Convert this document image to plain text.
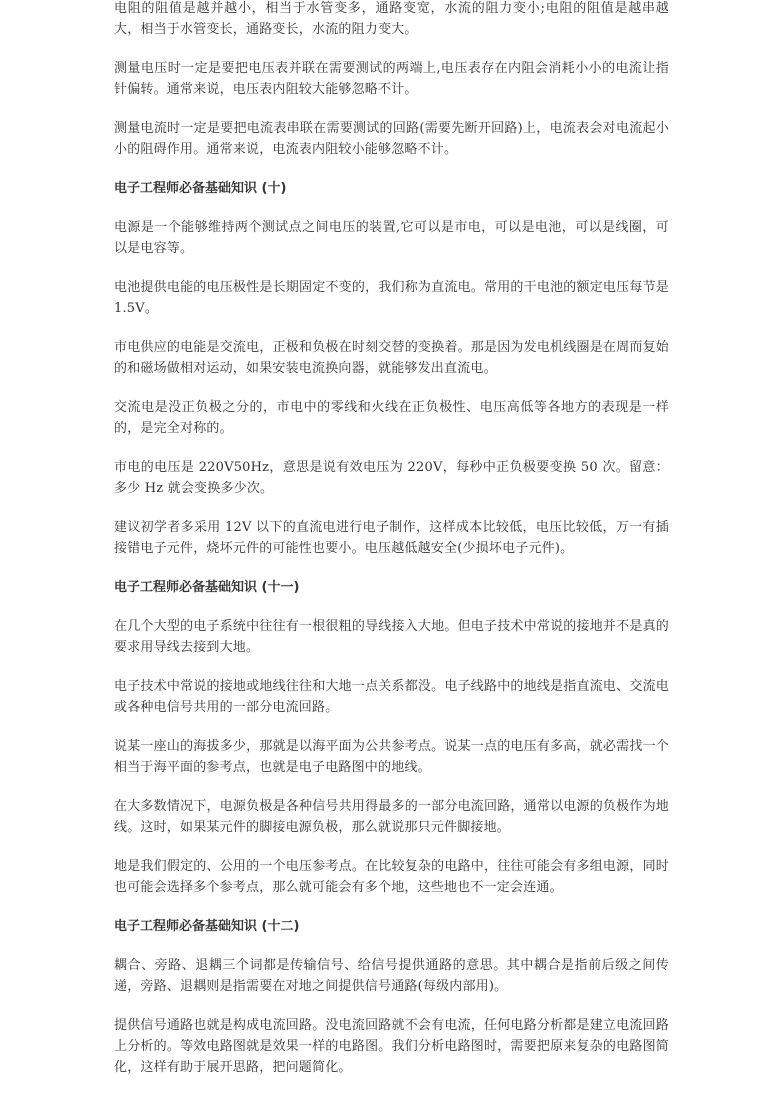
电阻的阻值是越并越小，相当于水管变多，通路变宽，水流的阻力变小;电阻的阻值是越串越大，相当于水管变长，通路变长，水流的阻力变大。

测量电压时一定是要把电压表并联在需要测试的两端上,电压表存在内阻会消耗小小的电流让指针偏转。通常来说，电压表内阻较大能够忽略不计。

测量电流时一定是要把电流表串联在需要测试的回路(需要先断开回路)上，电流表会对电流起小小的阻碍作用。通常来说，电流表内阻较小能够忽略不计。

电子工程师必备基础知识 (十)

电源是一个能够维持两个测试点之间电压的装置,它可以是市电，可以是电池，可以是线圈，可以是电容等。

电池提供电能的电压极性是长期固定不变的，我们称为直流电。常用的干电池的额定电压每节是 1.5V。

市电供应的电能是交流电，正极和负极在时刻交替的变换着。那是因为发电机线圈是在周而复始的和磁场做相对运动，如果安装电流换向器，就能够发出直流电。

交流电是没正负极之分的，市电中的零线和火线在正负极性、电压高低等各地方的表现是一样的，是完全对称的。

市电的电压是 220V50Hz，意思是说有效电压为 220V，每秒中正负极要变换 50 次。留意：多少 Hz 就会变换多少次。

建议初学者多采用 12V 以下的直流电进行电子制作，这样成本比较低，电压比较低，万一有插接错电子元件，烧坏元件的可能性也要小。电压越低越安全(少损坏电子元件)。

电子工程师必备基础知识 (十一)

在几个大型的电子系统中往往有一根很粗的导线接入大地。但电子技术中常说的接地并不是真的要求用导线去接到大地。

电子技术中常说的接地或地线往往和大地一点关系都没。电子线路中的地线是指直流电、交流电或各种电信号共用的一部分电流回路。

说某一座山的海拔多少，那就是以海平面为公共参考点。说某一点的电压有多高，就必需找一个相当于海平面的参考点，也就是电子电路图中的地线。

在大多数情况下，电源负极是各种信号共用得最多的一部分电流回路，通常以电源的负极作为地线。这时，如果某元件的脚接电源负极，那么就说那只元件脚接地。

地是我们假定的、公用的一个电压参考点。在比较复杂的电路中，往往可能会有多组电源，同时也可能会选择多个参考点，那么就可能会有多个地，这些地也不一定会连通。

电子工程师必备基础知识 (十二)

耦合、旁路、退耦三个词都是传输信号、给信号提供通路的意思。其中耦合是指前后级之间传递，旁路、退耦则是指需要在对地之间提供信号通路(每级内部用)。

提供信号通路也就是构成电流回路。没电流回路就不会有电流，任何电路分析都是建立电流回路上分析的。等效电路图就是效果一样的电路图。我们分析电路图时，需要把原来复杂的电路图简化，这样有助于展开思路，把问题简化。
